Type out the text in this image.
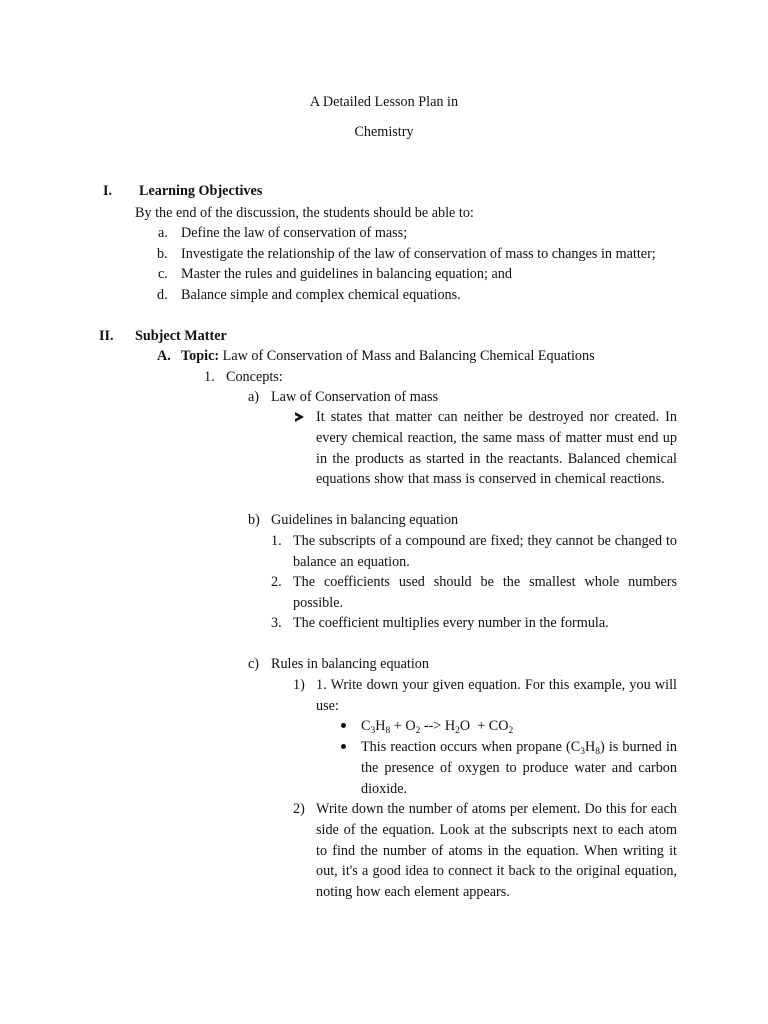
A Detailed Lesson Plan in
Chemistry
I. Learning Objectives
By the end of the discussion, the students should be able to:
a. Define the law of conservation of mass;
b. Investigate the relationship of the law of conservation of mass to changes in matter;
c. Master the rules and guidelines in balancing equation; and
d. Balance simple and complex chemical equations.
II. Subject Matter
A. Topic: Law of Conservation of Mass and Balancing Chemical Equations
1. Concepts:
a) Law of Conservation of mass
It states that matter can neither be destroyed nor created. In every chemical reaction, the same mass of matter must end up in the products as started in the reactants. Balanced chemical equations show that mass is conserved in chemical reactions.
b) Guidelines in balancing equation
1. The subscripts of a compound are fixed; they cannot be changed to balance an equation.
2. The coefficients used should be the smallest whole numbers possible.
3. The coefficient multiplies every number in the formula.
c) Rules in balancing equation
1) 1. Write down your given equation. For this example, you will use:
$C_3H_8 + O_2$ --> $H_2O + CO_2$
This reaction occurs when propane $(C_3H_8)$ is burned in the presence of oxygen to produce water and carbon dioxide.
2) Write down the number of atoms per element. Do this for each side of the equation. Look at the subscripts next to each atom to find the number of atoms in the equation. When writing it out, it's a good idea to connect it back to the original equation, noting how each element appears.
